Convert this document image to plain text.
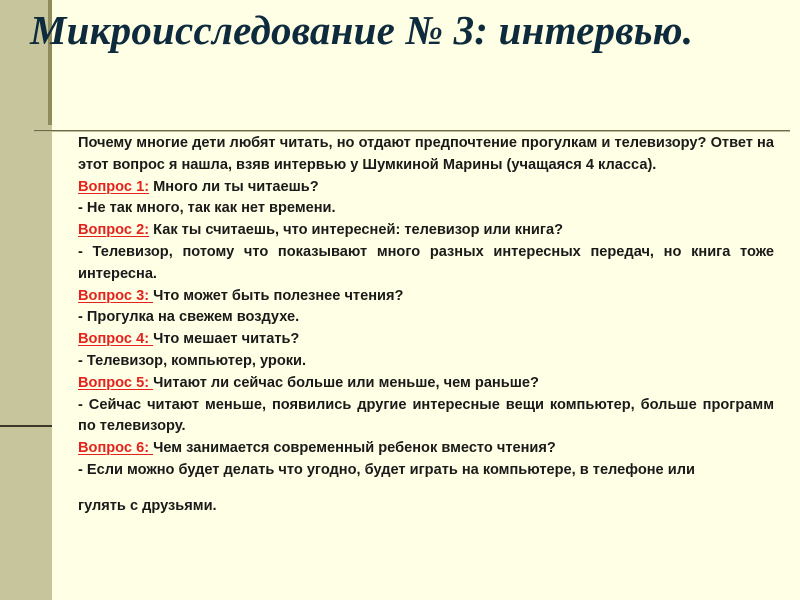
Микроисследование № 3: интервью.

Почему многие дети любят читать, но отдают предпочтение прогулкам и телевизору? Ответ на этот вопрос я нашла, взяв интервью у Шумкиной Марины (учащаяся 4 класса).

Вопрос 1: Много ли ты читаешь?

- Не так много, так как нет времени.

Вопрос 2: Как ты считаешь, что интересней: телевизор или книга?

- Телевизор, потому что показывают много разных интересных передач, но книга тоже интересна.

Вопрос 3: Что может быть полезнее чтения?

- Прогулка на свежем воздухе.

Вопрос 4: Что мешает читать?

- Телевизор, компьютер, уроки.

Вопрос 5: Читают ли сейчас больше или меньше, чем раньше?

- Сейчас читают меньше, появились другие интересные вещи компьютер, больше программ по телевизору.

Вопрос 6: Чем занимается современный ребенок вместо чтения?

- Если можно будет делать что угодно, будет играть на компьютере, в телефоне или

гулять с друзьями.
